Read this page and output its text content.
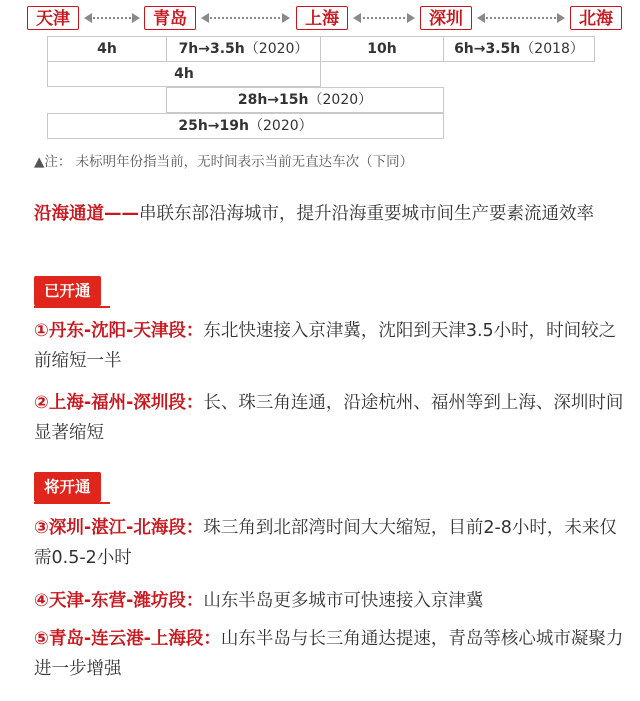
天津	青岛	上海	深圳	北海
4h	7h→3.5h（2020）	10h	6h→3.5h（2018）
4h
28h→15h（2020）
25h→19h（2020）
▲注： 未标明年份指当前，无时间表示当前无直达车次（下同）
沿海通道——串联东部沿海城市，提升沿海重要城市间生产要素流通效率
已开通
①丹东-沈阳-天津段：东北快速接入京津冀，沈阳到天津3.5小时，时间较之前缩短一半
②上海-福州-深圳段：长、珠三角连通，沿途杭州、福州等到上海、深圳时间显著缩短
将开通
③深圳-湛江-北海段：珠三角到北部湾时间大大缩短，目前2-8小时，未来仅需0.5-2小时
④天津-东营-潍坊段：山东半岛更多城市可快速接入京津冀
⑤青岛-连云港-上海段：山东半岛与长三角通达提速，青岛等核心城市凝聚力进一步增强
